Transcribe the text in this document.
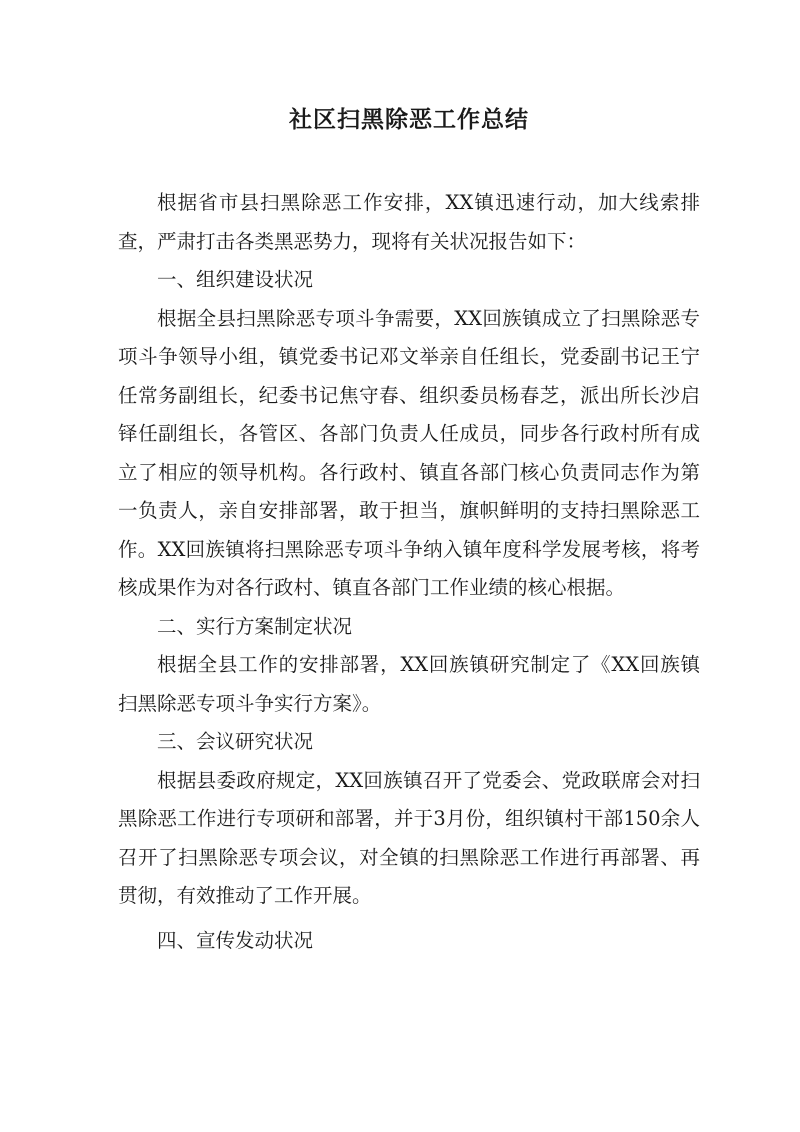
社区扫黑除恶工作总结

根据省市县扫黑除恶工作安排，XX镇迅速行动，加大线索排查，严肃打击各类黑恶势力，现将有关状况报告如下：

一、组织建设状况

根据全县扫黑除恶专项斗争需要，XX回族镇成立了扫黑除恶专项斗争领导小组，镇党委书记邓文举亲自任组长，党委副书记王宁任常务副组长，纪委书记焦守春、组织委员杨春芝，派出所长沙启铎任副组长，各管区、各部门负责人任成员，同步各行政村所有成立了相应的领导机构。各行政村、镇直各部门核心负责同志作为第一负责人，亲自安排部署，敢于担当，旗帜鲜明的支持扫黑除恶工作。XX回族镇将扫黑除恶专项斗争纳入镇年度科学发展考核，将考核成果作为对各行政村、镇直各部门工作业绩的核心根据。

二、实行方案制定状况

根据全县工作的安排部署，XX回族镇研究制定了《XX回族镇扫黑除恶专项斗争实行方案》。

三、会议研究状况

根据县委政府规定，XX回族镇召开了党委会、党政联席会对扫黑除恶工作进行专项研和部署，并于3月份，组织镇村干部150余人召开了扫黑除恶专项会议，对全镇的扫黑除恶工作进行再部署、再贯彻，有效推动了工作开展。

四、宣传发动状况
